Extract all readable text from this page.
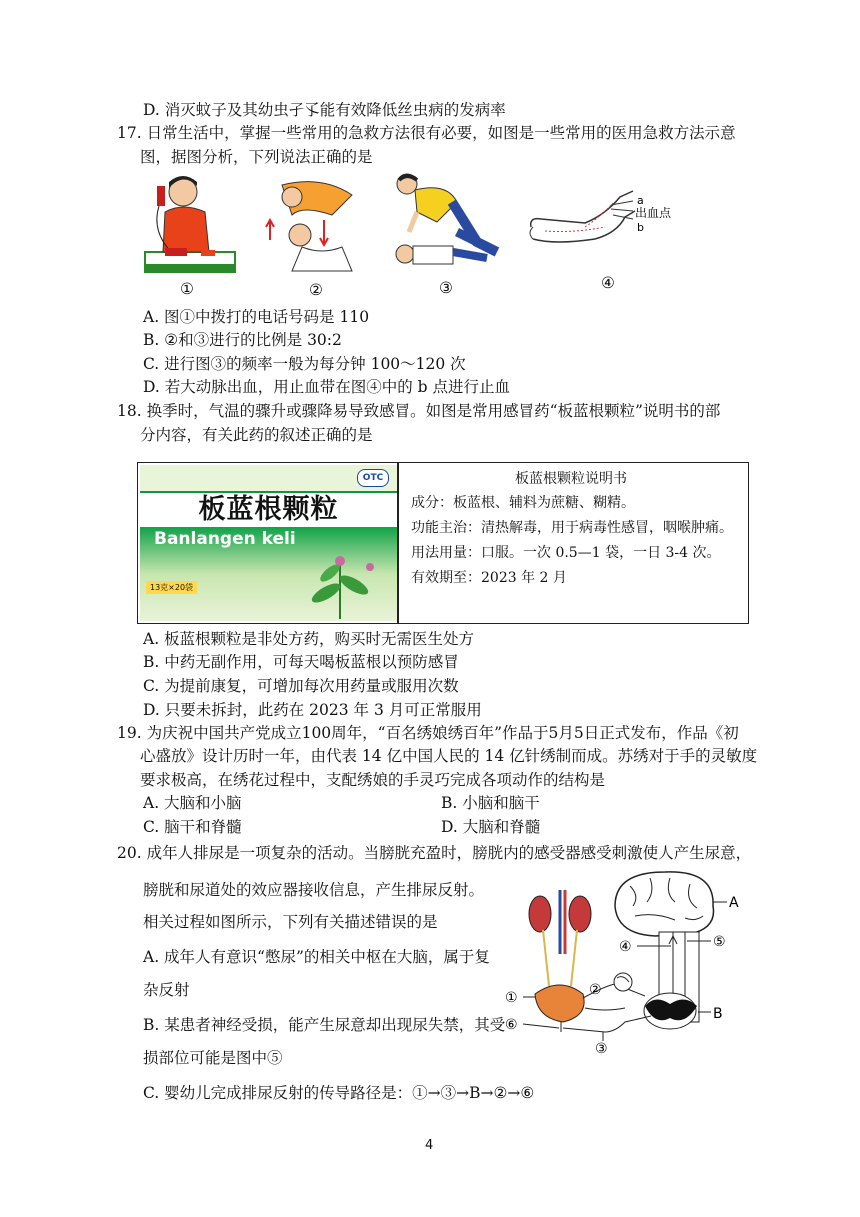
D. 消灭蚊子及其幼虫孑孓能有效降低丝虫病的发病率
17. 日常生活中，掌握一些常用的急救方法很有必要，如图是一些常用的医用急救方法示意
图，据图分析，下列说法正确的是
①	②	③
a
出血点
b
④
A. 图①中拨打的电话号码是 110
B. ②和③进行的比例是 30:2
C. 进行图③的频率一般为每分钟 100～120 次
D. 若大动脉出血，用止血带在图④中的 b 点进行止血
18. 换季时，气温的骤升或骤降易导致感冒。如图是常用感冒药“板蓝根颗粒”说明书的部
分内容，有关此药的叙述正确的是
OTC
板蓝根颗粒
Banlangen keli
13克×20袋
板蓝根颗粒说明书
成分：板蓝根、辅料为蔗糖、糊精。
功能主治：清热解毒，用于病毒性感冒，咽喉肿痛。
用法用量：口服。一次 0.5—1 袋，一日 3-4 次。
有效期至：2023 年 2 月
A. 板蓝根颗粒是非处方药，购买时无需医生处方
B. 中药无副作用，可每天喝板蓝根以预防感冒
C. 为提前康复，可增加每次用药量或服用次数
D. 只要未拆封，此药在 2023 年 3 月可正常服用
19. 为庆祝中国共产党成立100周年，“百名绣娘绣百年”作品于5月5日正式发布，作品《初
心盛放》设计历时一年，由代表 14 亿中国人民的 14 亿针绣制而成。苏绣对于手的灵敏度
要求极高，在绣花过程中，支配绣娘的手灵巧完成各项动作的结构是
A. 大脑和小脑	B. 小脑和脑干
C. 脑干和脊髓	D. 大脑和脊髓
20. 成年人排尿是一项复杂的活动。当膀胱充盈时，膀胱内的感受器感受刺激使人产生尿意，
膀胱和尿道处的效应器接收信息，产生排尿反射。
相关过程如图所示，下列有关描述错误的是
A. 成年人有意识“憋尿”的相关中枢在大脑，属于复
杂反射
B. 某患者神经受损，能产生尿意却出现尿失禁，其受
损部位可能是图中⑤
C. 婴幼儿完成排尿反射的传导路径是：①→③→B→②→⑥
A
B
④	⑤
①	②
③
⑥
4
